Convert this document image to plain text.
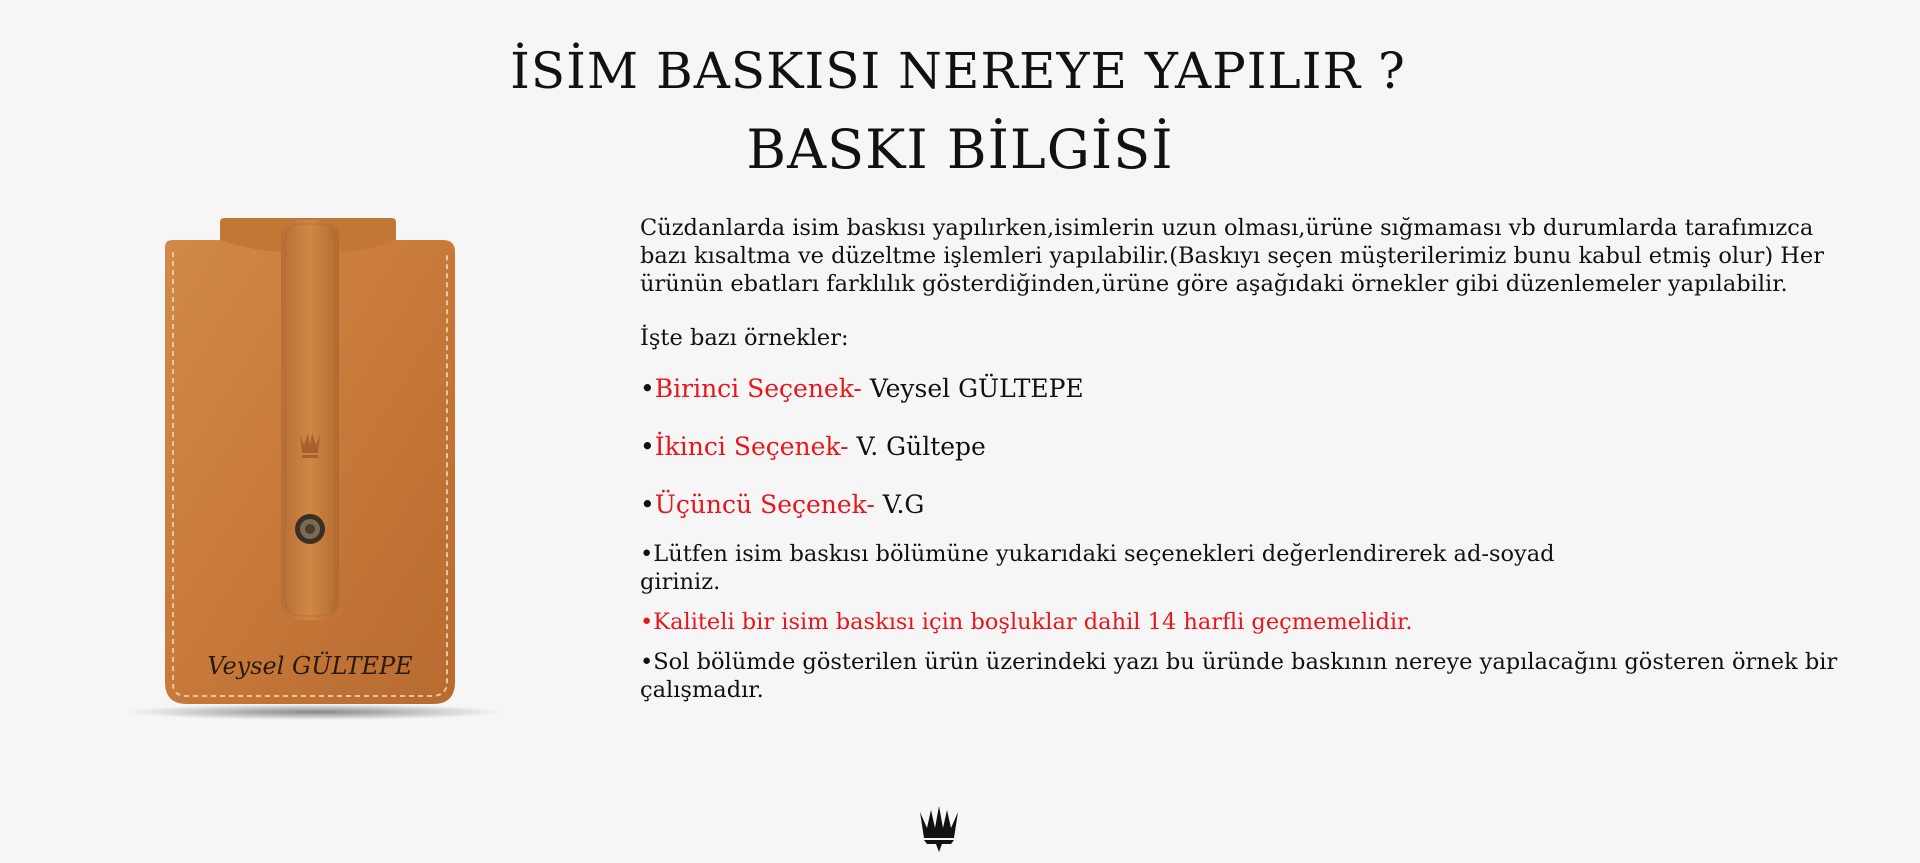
İSİM BASKISI NEREYE YAPILIR ?
BASKI BİLGİSİ
Veysel GÜLTEPE

Cüzdanlarda isim baskısı yapılırken,isimlerin uzun olması,ürüne sığmaması vb durumlarda tarafımızca bazı kısaltma ve düzeltme işlemleri yapılabilir.(Baskıyı seçen müşterilerimiz bunu kabul etmiş olur) Her ürünün ebatları farklılık gösterdiğinden,ürüne göre aşağıdaki örnekler gibi düzenlemeler yapılabilir.

İşte bazı örnekler:

•Birinci Seçenek- Veysel GÜLTEPE

•İkinci Seçenek- V. Gültepe

•Üçüncü Seçenek- V.G

•Lütfen isim baskısı bölümüne yukarıdaki seçenekleri değerlendirerek ad-soyad giriniz.

•Kaliteli bir isim baskısı için boşluklar dahil 14 harfli geçmemelidir.

•Sol bölümde gösterilen ürün üzerindeki yazı bu üründe baskının nereye yapılacağını gösteren örnek bir çalışmadır.
